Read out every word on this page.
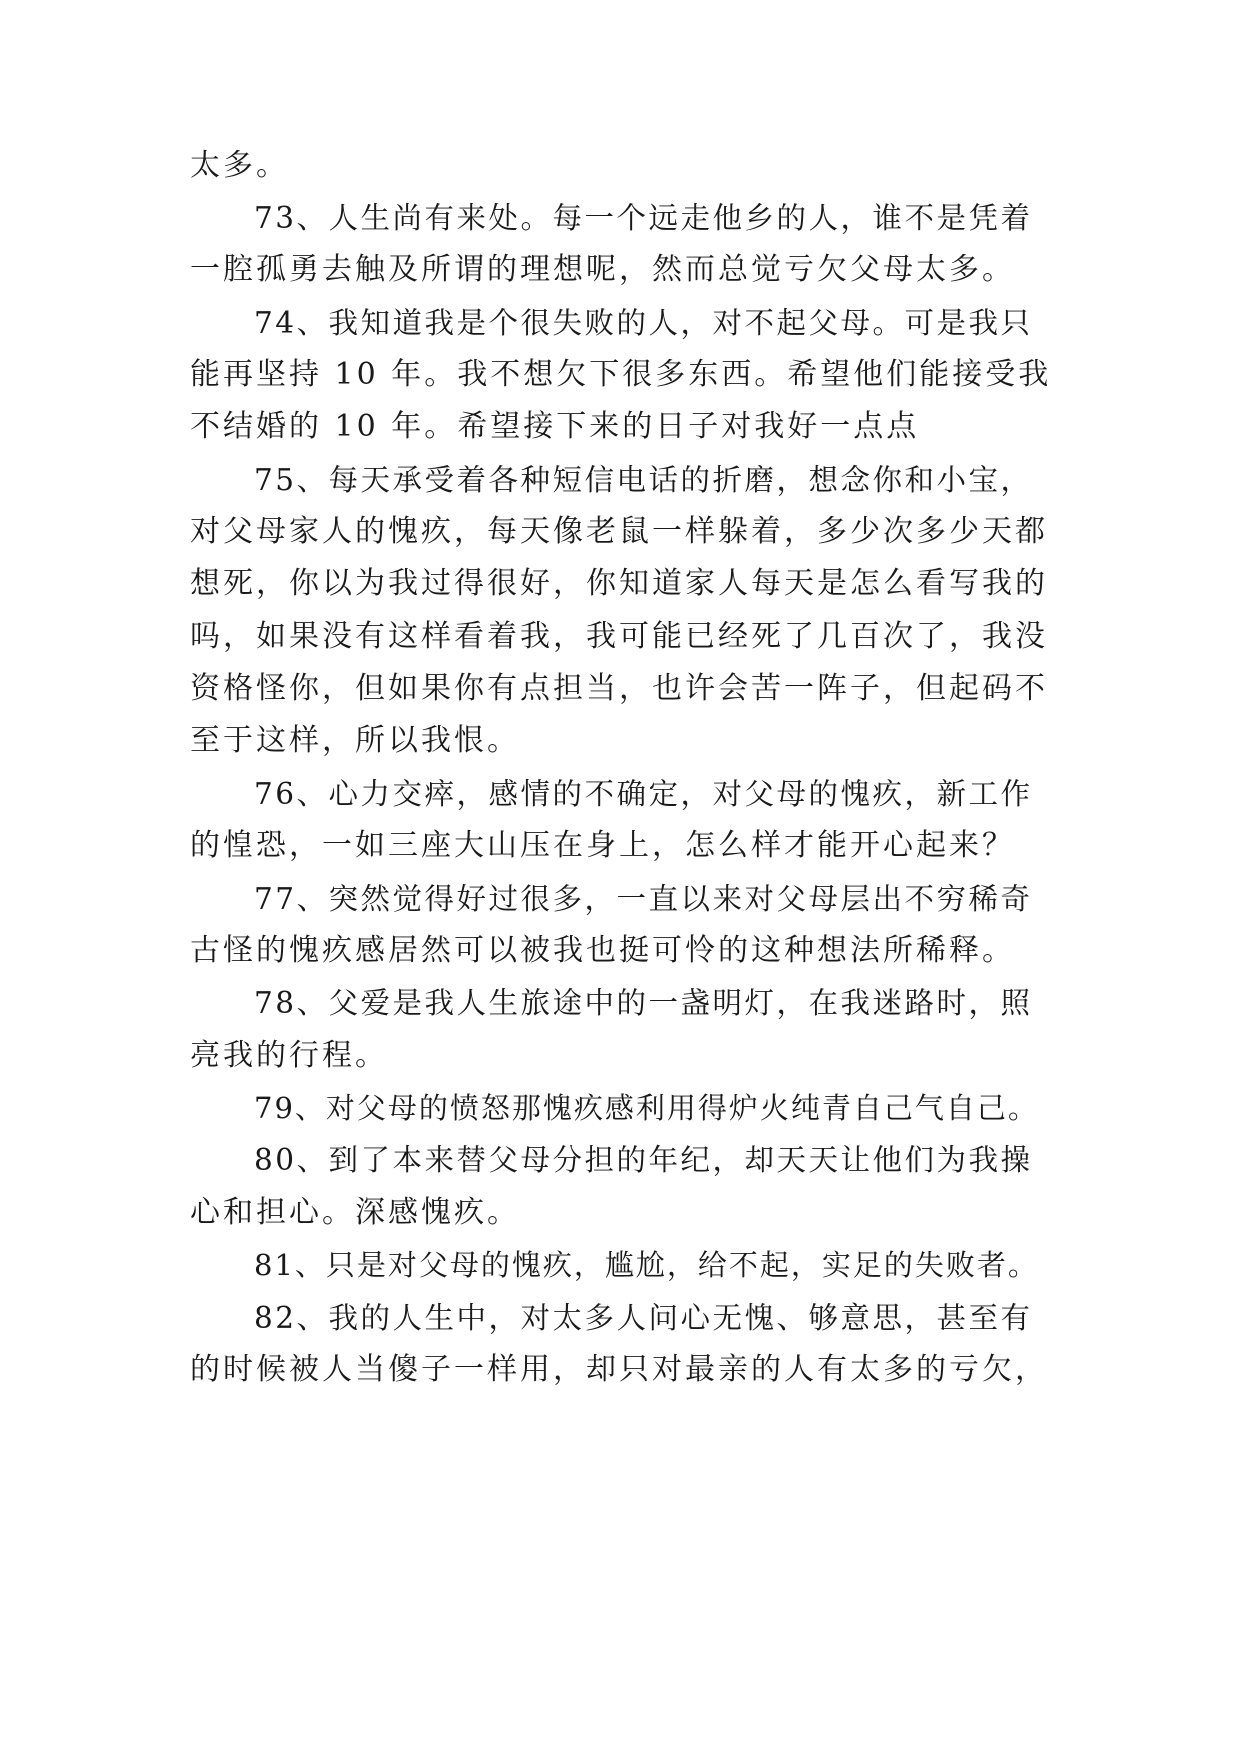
太多。
73、人生尚有来处。每一个远走他乡的人，谁不是凭着
一腔孤勇去触及所谓的理想呢，然而总觉亏欠父母太多。
74、我知道我是个很失败的人，对不起父母。可是我只
能再坚持 10 年。我不想欠下很多东西。希望他们能接受我
不结婚的 10 年。希望接下来的日子对我好一点点
75、每天承受着各种短信电话的折磨，想念你和小宝，
对父母家人的愧疚，每天像老鼠一样躲着，多少次多少天都
想死，你以为我过得很好，你知道家人每天是怎么看写我的
吗，如果没有这样看着我，我可能已经死了几百次了，我没
资格怪你，但如果你有点担当，也许会苦一阵子，但起码不
至于这样，所以我恨。
76、心力交瘁，感情的不确定，对父母的愧疚，新工作
的惶恐，一如三座大山压在身上，怎么样才能开心起来？
77、突然觉得好过很多，一直以来对父母层出不穷稀奇
古怪的愧疚感居然可以被我也挺可怜的这种想法所稀释。
78、父爱是我人生旅途中的一盏明灯，在我迷路时，照
亮我的行程。
79、对父母的愤怒那愧疚感利用得炉火纯青自己气自己。
80、到了本来替父母分担的年纪，却天天让他们为我操
心和担心。深感愧疚。
81、只是对父母的愧疚，尴尬，给不起，实足的失败者。
82、我的人生中，对太多人问心无愧、够意思，甚至有
的时候被人当傻子一样用，却只对最亲的人有太多的亏欠，
